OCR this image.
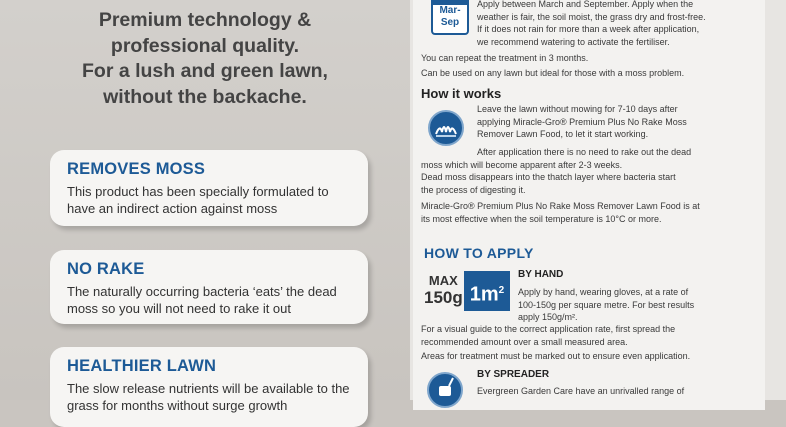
Premium technology &
professional quality.
For a lush and green lawn,
without the backache.
REMOVES MOSS

This product has been specially formulated to have an indirect action against moss

NO RAKE

The naturally occurring bacteria ‘eats’ the dead moss so you will not need to rake it out

HEALTHIER LAWN

The slow release nutrients will be available to the grass for months without surge growth

Mar-
Sep
Apply between March and September. Apply when the
weather is fair, the soil moist, the grass dry and frost-free.
If it does not rain for more than a week after application,
we recommend watering to activate the fertiliser.
You can repeat the treatment in 3 months.
Can be used on any lawn but ideal for those with a moss problem.
How it works
Leave the lawn without mowing for 7-10 days after
applying Miracle-Gro® Premium Plus No Rake Moss
Remover Lawn Food, to let it start working.
After application there is no need to rake out the dead
moss which will become apparent after 2-3 weeks.
Dead moss disappears into the thatch layer where bacteria start
the process of digesting it.
Miracle-Gro® Premium Plus No Rake Moss Remover Lawn Food is at
its most effective when the soil temperature is 10°C or more.
HOW TO APPLY
MAX
150g $1m^2$
BY HAND
Apply by hand, wearing gloves, at a rate of
100-150g per square metre. For best results
apply 150g/m².
For a visual guide to the correct application rate, first spread the
recommended amount over a small measured area.
Areas for treatment must be marked out to ensure even application.
BY SPREADER
Evergreen Garden Care have an unrivalled range of
